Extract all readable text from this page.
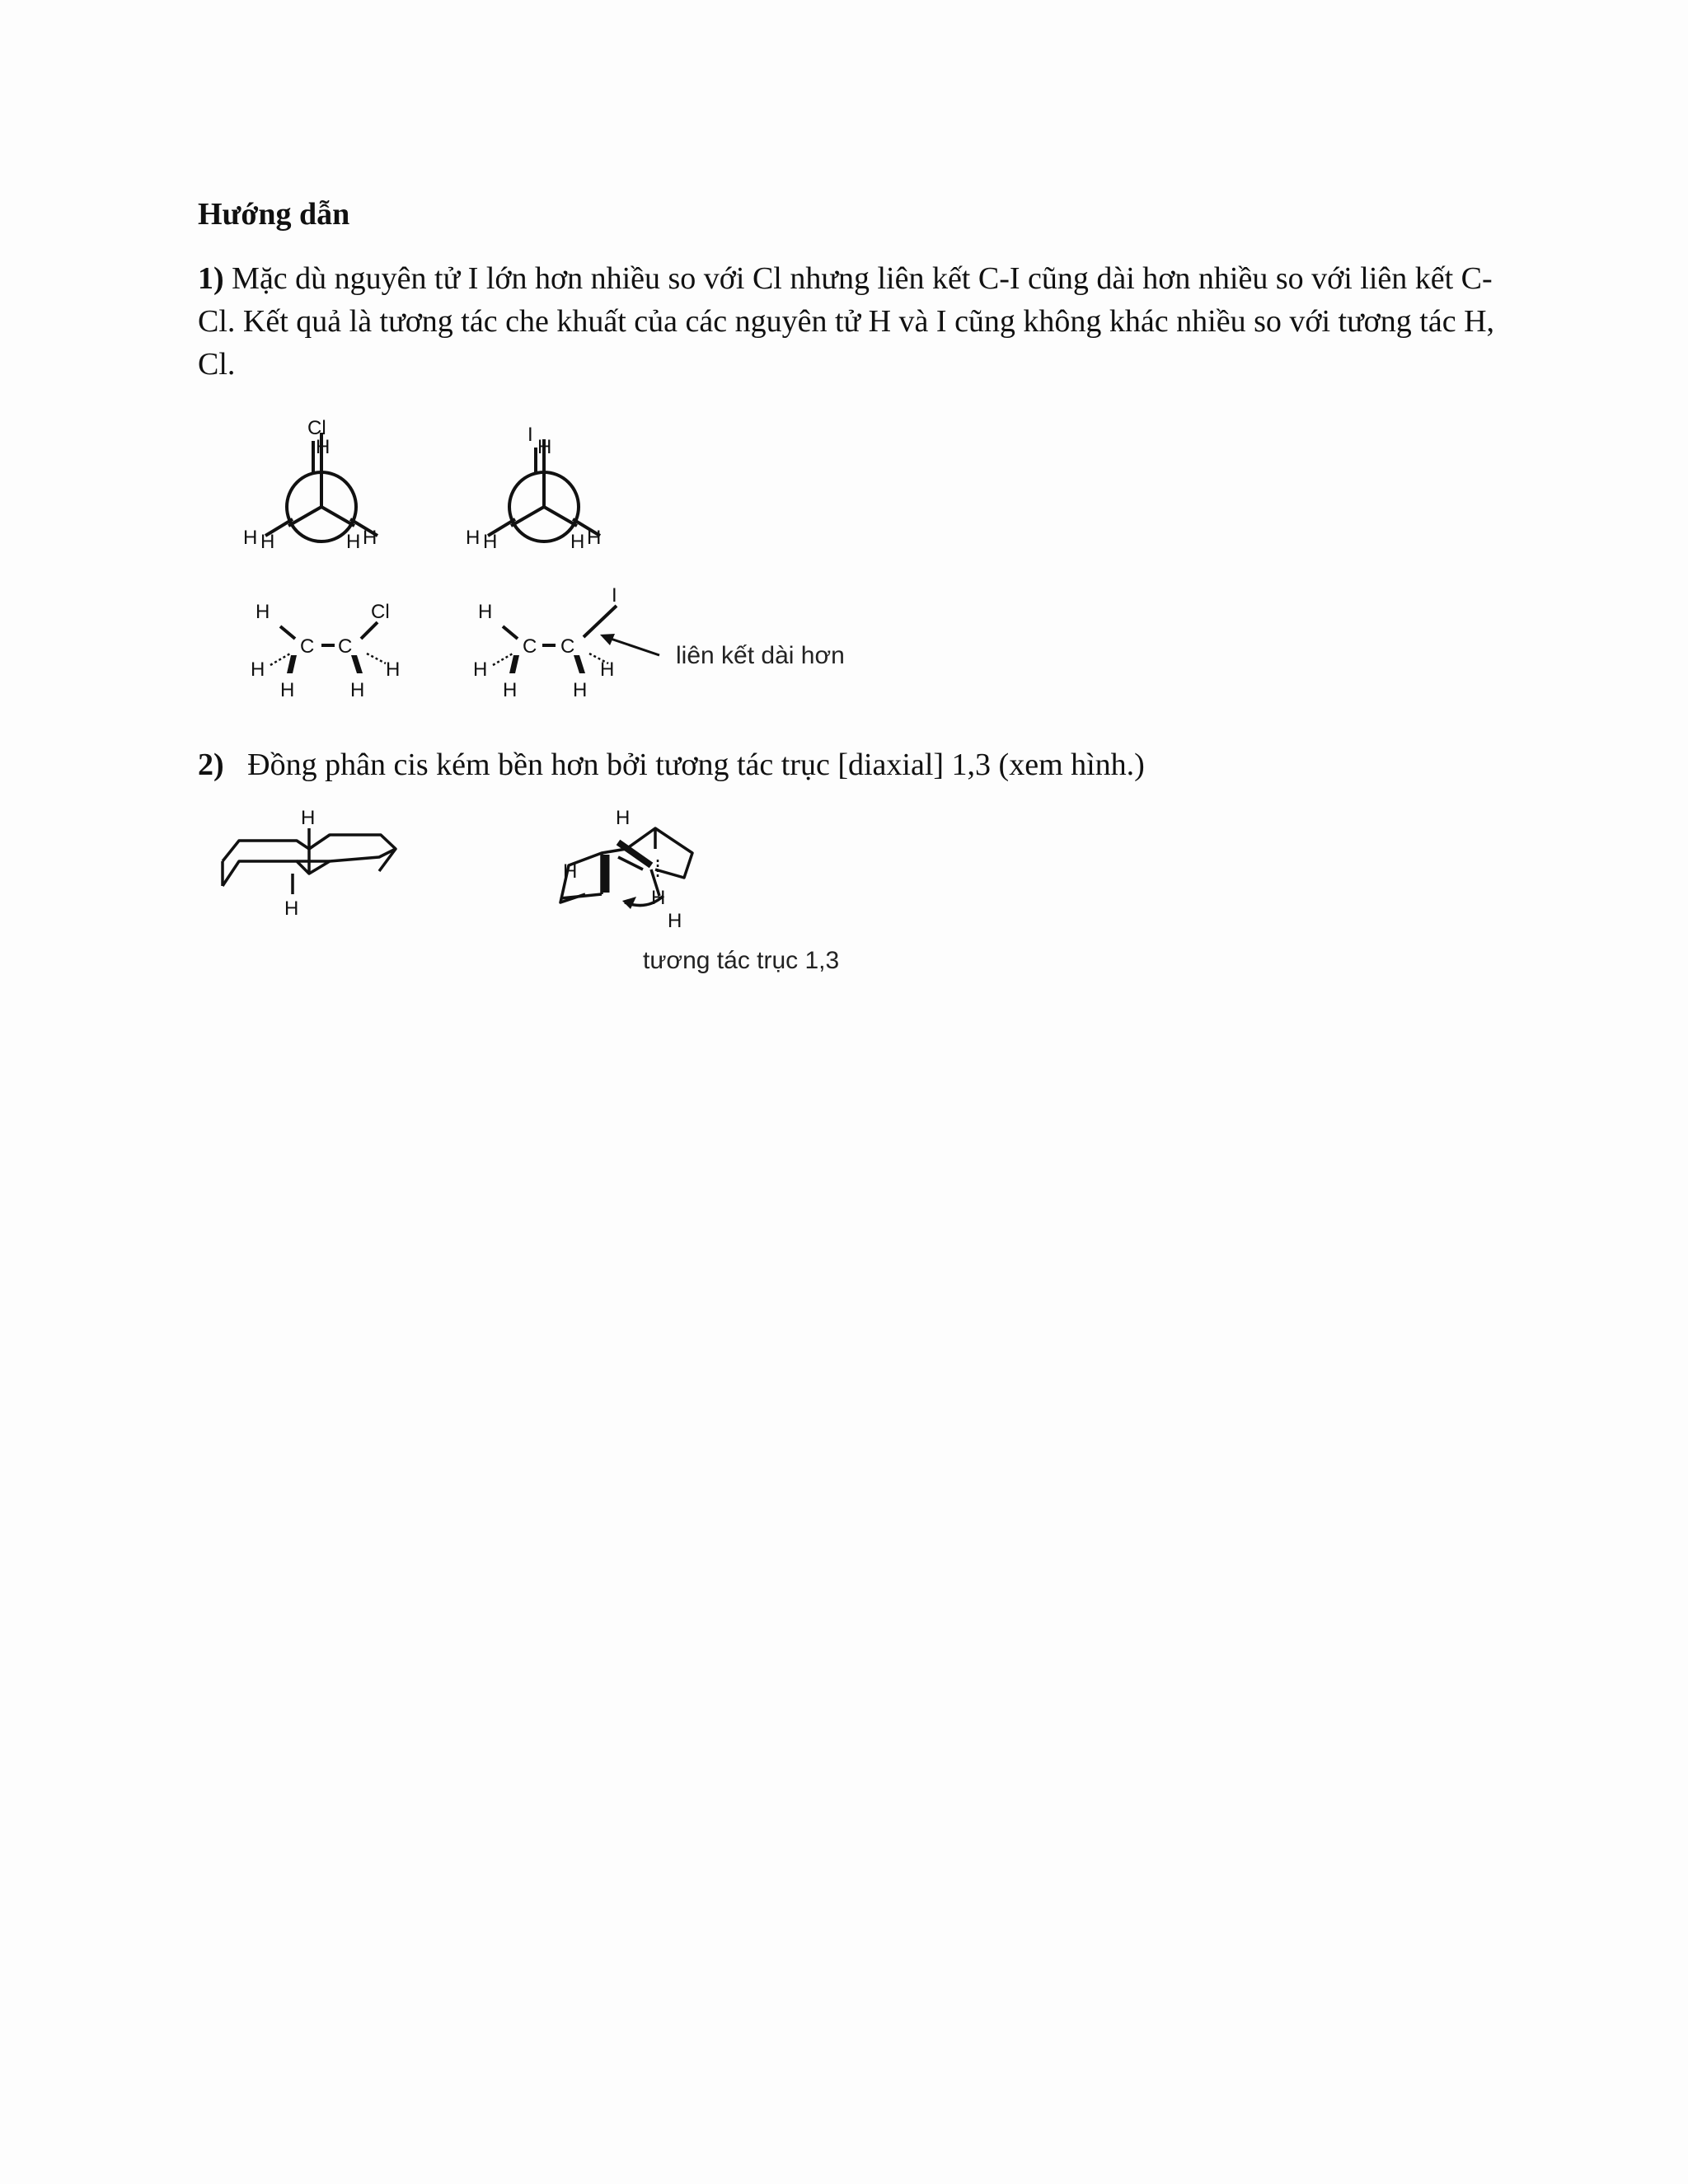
Hướng dẫn

1) Mặc dù nguyên tử I lớn hơn nhiều so với Cl nhưng liên kết C-I cũng dài hơn nhiều so với liên kết C-Cl. Kết quả là tương tác che khuất của các nguyên tử H và I cũng không khác nhiều so với tương tác H, Cl.

Cl
H
H H	H H
I
H
H H	H H
H	Cl
C C
H	H
H	H
H
I
C C
H	H
H	H
liên kết dài hơn

2) Đồng phân cis kém bền hơn bởi tương tác trục [diaxial] 1,3 (xem hình.)

H
H
H
H
H
H
tương tác trục 1,3
